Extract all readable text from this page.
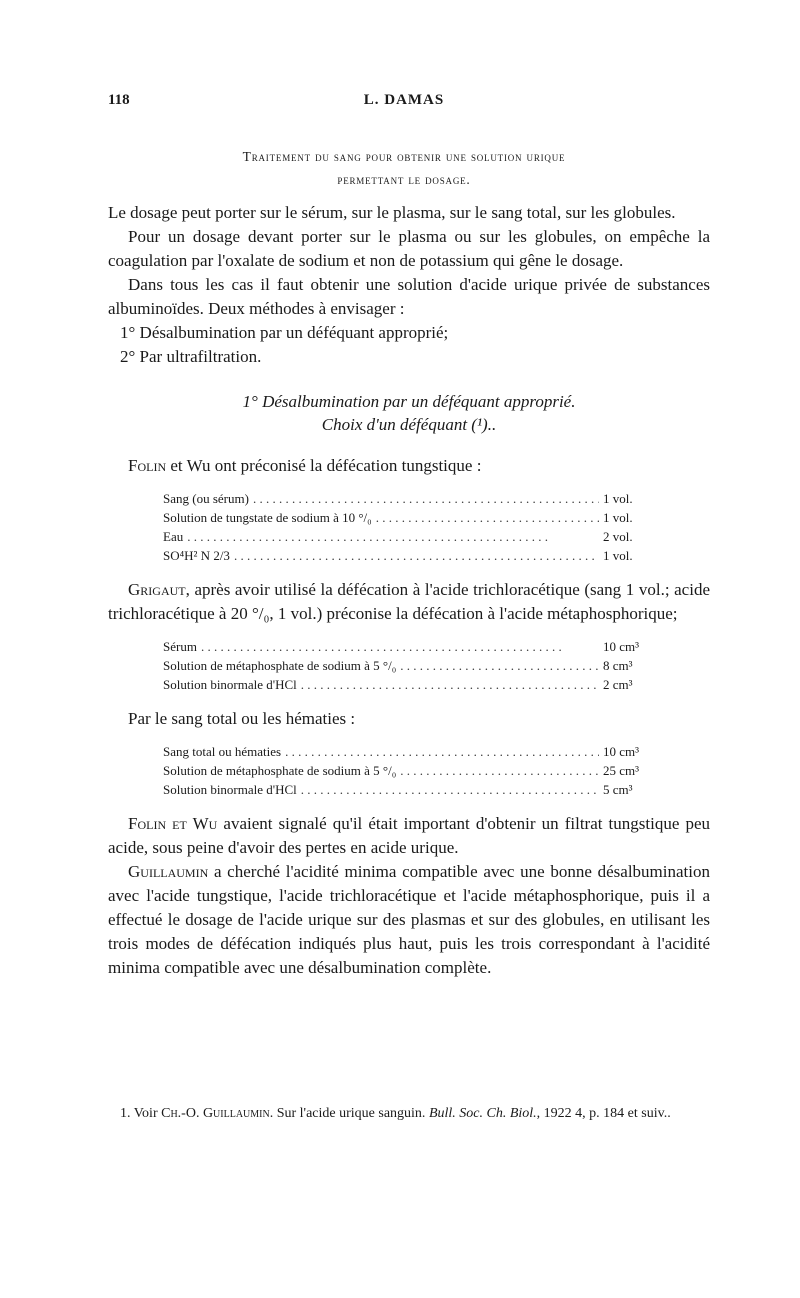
118	L. DAMAS
Traitement du sang pour obtenir une solution urique
permettant le dosage.

Le dosage peut porter sur le sérum, sur le plasma, sur le sang total, sur les globules.

Pour un dosage devant porter sur le plasma ou sur les globules, on empêche la coagulation par l'oxalate de sodium et non de potassium qui gêne le dosage.

Dans tous les cas il faut obtenir une solution d'acide urique privée de substances albuminoïdes. Deux méthodes à envisager :

1° Désalbumination par un déféquant approprié;

2° Par ultrafiltration.

1° Désalbumination par un déféquant approprié.
Choix d'un déféquant (¹)..

Folin et Wu ont préconisé la défécation tungstique :

Sang (ou sérum) . . .	1 vol.
Solution de tungstate de sodium à 10 °/₀ . . .	1 vol.
Eau . . .	2 vol.
SO⁴H² N 2/3 . . .	1 vol.

Grigaut, après avoir utilisé la défécation à l'acide trichloracétique (sang 1 vol.; acide trichloracétique à 20 °/₀, 1 vol.) préconise la défécation à l'acide métaphosphorique;

Sérum . . .	10 cm³
Solution de métaphosphate de sodium à 5 °/₀ . . .	8 cm³
Solution binormale d'HCl . . .	2 cm³

Par le sang total ou les hématies :

Sang total ou hématies . . .	10 cm³
Solution de métaphosphate de sodium à 5 °/₀ . . .	25 cm³
Solution binormale d'HCl . . .	5 cm³

Folin et Wu avaient signalé qu'il était important d'obtenir un filtrat tungstique peu acide, sous peine d'avoir des pertes en acide urique.

Guillaumin a cherché l'acidité minima compatible avec une bonne désalbumination avec l'acide tungstique, l'acide trichloracétique et l'acide métaphosphorique, puis il a effectué le dosage de l'acide urique sur des plasmas et sur des globules, en utilisant les trois modes de défécation indiqués plus haut, puis les trois correspondant à l'acidité minima compatible avec une désalbumination complète.

1. Voir Ch.-O. Guillaumin. Sur l'acide urique sanguin. Bull. Soc. Ch. Biol., 1922 4, p. 184 et suiv..
